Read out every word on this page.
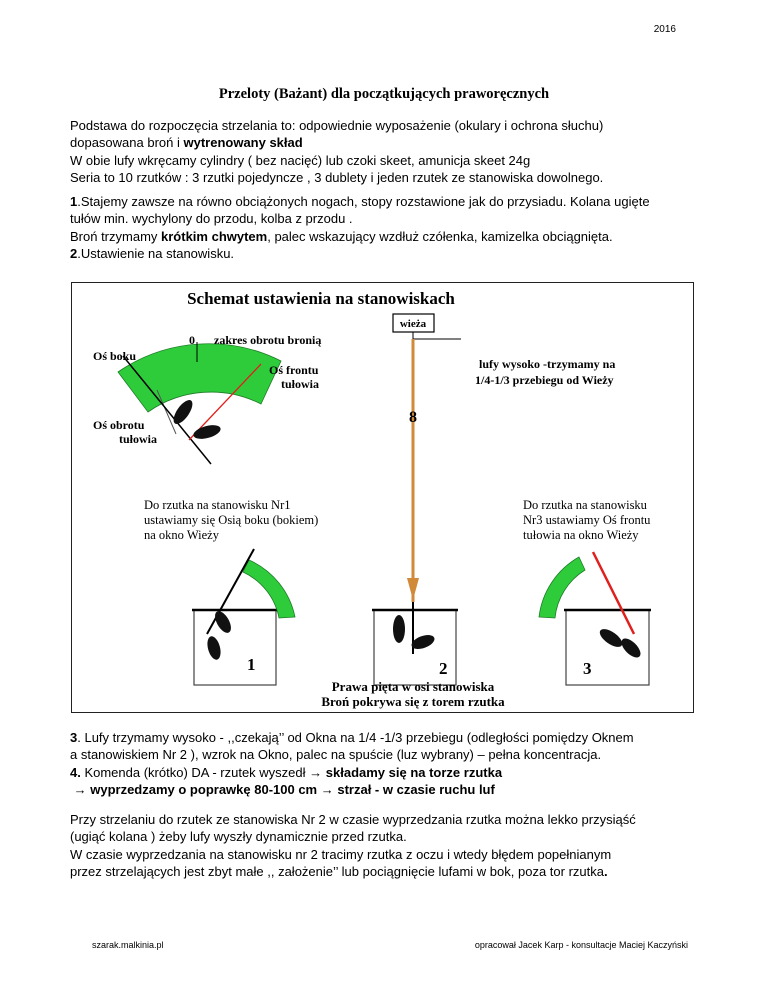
2016
Przeloty (Bażant) dla początkujących praworęcznych

Podstawa do rozpoczęcia strzelania to: odpowiednie wyposażenie (okulary i ochrona słuchu)

dopasowana broń i wytrenowany skład

W obie lufy wkręcamy cylindry ( bez nacięć) lub czoki skeet, amunicja skeet 24g

Seria to 10 rzutków : 3 rzutki pojedyncze , 3 dublety i jeden rzutek ze stanowiska dowolnego.

1.Stajemy zawsze na równo obciążonych nogach, stopy rozstawione jak do przysiadu. Kolana ugięte

tułów min. wychylony do przodu, kolba z przodu .

Broń trzymamy krótkim chwytem, palec wskazujący wzdłuż czółenka, kamizelka obciągnięta.

2.Ustawienie na stanowisku.

Schemat ustawienia na stanowiskach
0 zakres obrotu bronią
Oś boku
Oś frontu
tułowia
Oś obrotu
tułowia
wieża
8
lufy wysoko -trzymamy na
1/4-1/3 przebiegu od Wieży
Do rzutka na stanowisku Nr1
ustawiamy się Osią boku (bokiem)
na okno Wieży
Do rzutka na stanowisku
Nr3 ustawiamy Oś frontu
tułowia na okno Wieży
1	2	3
Prawa pięta w osi stanowiska
Broń pokrywa się z torem rzutka

3. Lufy trzymamy wysoko - ,,czekają’’ od Okna na 1/4 -1/3 przebiegu (odległości pomiędzy Oknem

a stanowiskiem Nr 2 ), wzrok na Okno, palec na spuście (luz wybrany) – pełna koncentracja.

4. Komenda (krótko) DA - rzutek wyszedł → składamy się na torze rzutka

→ wyprzedzamy o poprawkę 80-100 cm → strzał - w czasie ruchu luf

Przy strzelaniu do rzutek ze stanowiska Nr 2 w czasie wyprzedzania rzutka można lekko przysiąść

(ugiąć kolana ) żeby lufy wyszły dynamicznie przed rzutka.

W czasie wyprzedzania na stanowisku nr 2 tracimy rzutka z oczu i wtedy błędem popełnianym

przez strzelających jest zbyt małe ,, założenie’’ lub pociągnięcie lufami w bok, poza tor rzutka.

szarak.malkinia.pl	opracował Jacek Karp - konsultacje Maciej Kaczyński
